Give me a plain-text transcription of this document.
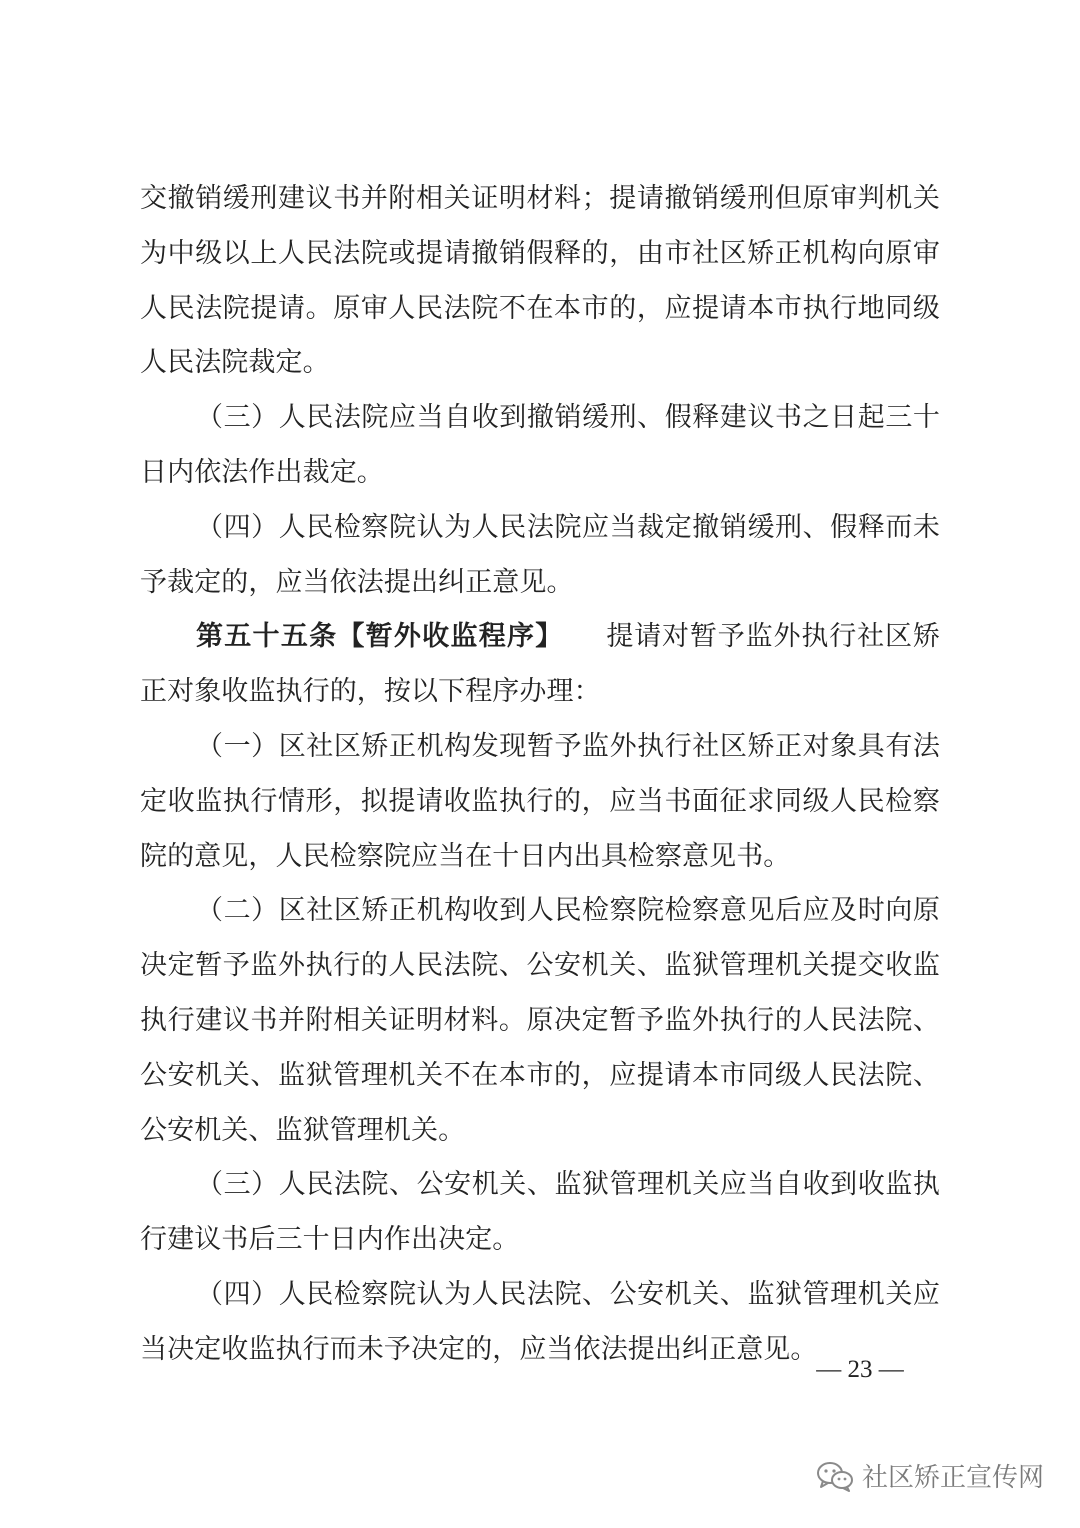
交撤销缓刑建议书并附相关证明材料；提请撤销缓刑但原审判机关为中级以上人民法院或提请撤销假释的，由市社区矫正机构向原审人民法院提请。原审人民法院不在本市的，应提请本市执行地同级人民法院裁定。

（三）人民法院应当自收到撤销缓刑、假释建议书之日起三十日内依法作出裁定。

（四）人民检察院认为人民法院应当裁定撤销缓刑、假释而未予裁定的，应当依法提出纠正意见。

第五十五条【暂外收监程序】 提请对暂予监外执行社区矫正对象收监执行的，按以下程序办理：

（一）区社区矫正机构发现暂予监外执行社区矫正对象具有法定收监执行情形，拟提请收监执行的，应当书面征求同级人民检察院的意见，人民检察院应当在十日内出具检察意见书。

（二）区社区矫正机构收到人民检察院检察意见后应及时向原决定暂予监外执行的人民法院、公安机关、监狱管理机关提交收监执行建议书并附相关证明材料。原决定暂予监外执行的人民法院、公安机关、监狱管理机关不在本市的，应提请本市同级人民法院、公安机关、监狱管理机关。

（三）人民法院、公安机关、监狱管理机关应当自收到收监执行建议书后三十日内作出决定。

（四）人民检察院认为人民法院、公安机关、监狱管理机关应当决定收监执行而未予决定的，应当依法提出纠正意见。

— 23 —
社区矫正宣传网
